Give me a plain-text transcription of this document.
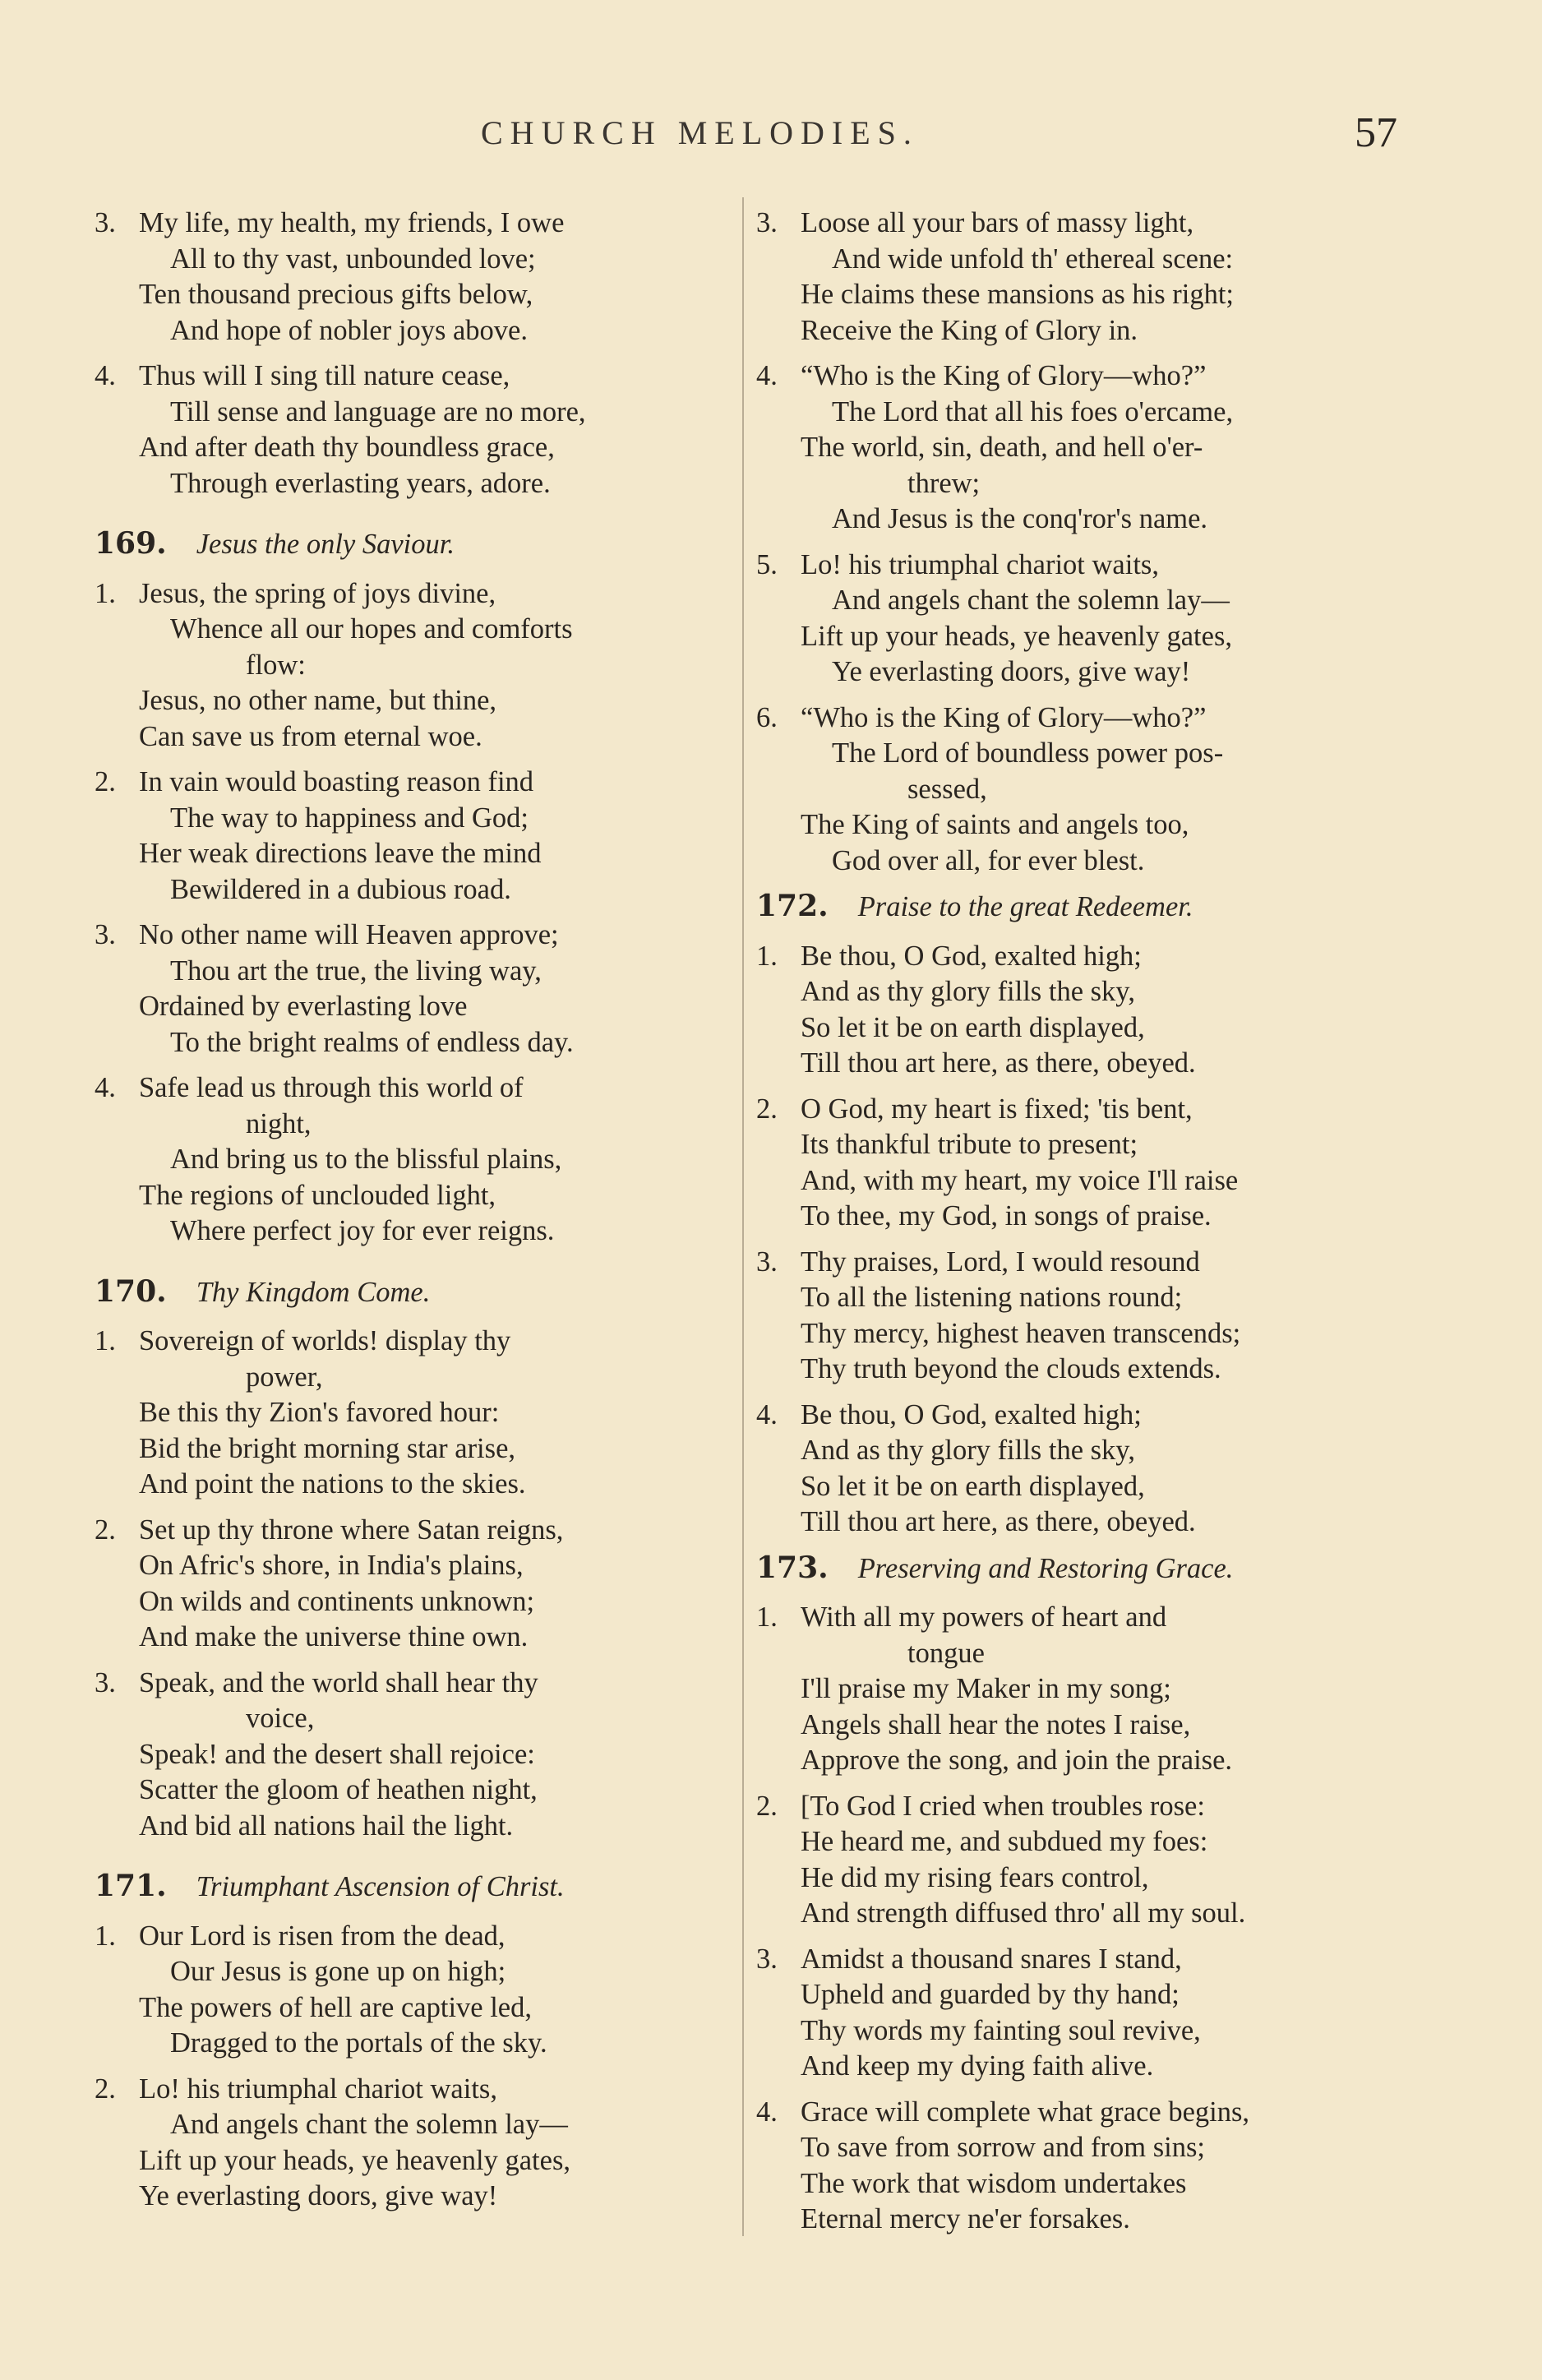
CHURCH MELODIES.	57
3. My life, my health, my friends, I owe
All to thy vast, unbounded love;
Ten thousand precious gifts below,
And hope of nobler joys above.
4. Thus will I sing till nature cease,
Till sense and language are no more,
And after death thy boundless grace,
Through everlasting years, adore.
169. Jesus the only Saviour.
1. Jesus, the spring of joys divine,
Whence all our hopes and comforts
flow:
Jesus, no other name, but thine,
Can save us from eternal woe.
2. In vain would boasting reason find
The way to happiness and God;
Her weak directions leave the mind
Bewildered in a dubious road.
3. No other name will Heaven approve;
Thou art the true, the living way,
Ordained by everlasting love
To the bright realms of endless day.
4. Safe lead us through this world of
night,
And bring us to the blissful plains,
The regions of unclouded light,
Where perfect joy for ever reigns.
170. Thy Kingdom Come.
1. Sovereign of worlds! display thy
power,
Be this thy Zion's favored hour:
Bid the bright morning star arise,
And point the nations to the skies.
2. Set up thy throne where Satan reigns,
On Afric's shore, in India's plains,
On wilds and continents unknown;
And make the universe thine own.
3. Speak, and the world shall hear thy
voice,
Speak! and the desert shall rejoice:
Scatter the gloom of heathen night,
And bid all nations hail the light.
171. Triumphant Ascension of Christ.
1. Our Lord is risen from the dead,
Our Jesus is gone up on high;
The powers of hell are captive led,
Dragged to the portals of the sky.
2. Lo! his triumphal chariot waits,
And angels chant the solemn lay—
Lift up your heads, ye heavenly gates,
Ye everlasting doors, give way!
3. Loose all your bars of massy light,
And wide unfold th' ethereal scene:
He claims these mansions as his right;
Receive the King of Glory in.
4. “Who is the King of Glory—who?”
The Lord that all his foes o'ercame,
The world, sin, death, and hell o'er-
threw;
And Jesus is the conq'ror's name.
5. Lo! his triumphal chariot waits,
And angels chant the solemn lay—
Lift up your heads, ye heavenly gates,
Ye everlasting doors, give way!
6. “Who is the King of Glory—who?”
The Lord of boundless power pos-
sessed,
The King of saints and angels too,
God over all, for ever blest.
172. Praise to the great Redeemer.
1. Be thou, O God, exalted high;
And as thy glory fills the sky,
So let it be on earth displayed,
Till thou art here, as there, obeyed.
2. O God, my heart is fixed; 'tis bent,
Its thankful tribute to present;
And, with my heart, my voice I'll raise
To thee, my God, in songs of praise.
3. Thy praises, Lord, I would resound
To all the listening nations round;
Thy mercy, highest heaven transcends;
Thy truth beyond the clouds extends.
4. Be thou, O God, exalted high;
And as thy glory fills the sky,
So let it be on earth displayed,
Till thou art here, as there, obeyed.
173. Preserving and Restoring Grace.
1. With all my powers of heart and
tongue
I'll praise my Maker in my song;
Angels shall hear the notes I raise,
Approve the song, and join the praise.
2. [To God I cried when troubles rose:
He heard me, and subdued my foes:
He did my rising fears control,
And strength diffused thro' all my soul.
3. Amidst a thousand snares I stand,
Upheld and guarded by thy hand;
Thy words my fainting soul revive,
And keep my dying faith alive.
4. Grace will complete what grace begins,
To save from sorrow and from sins;
The work that wisdom undertakes
Eternal mercy ne'er forsakes.
